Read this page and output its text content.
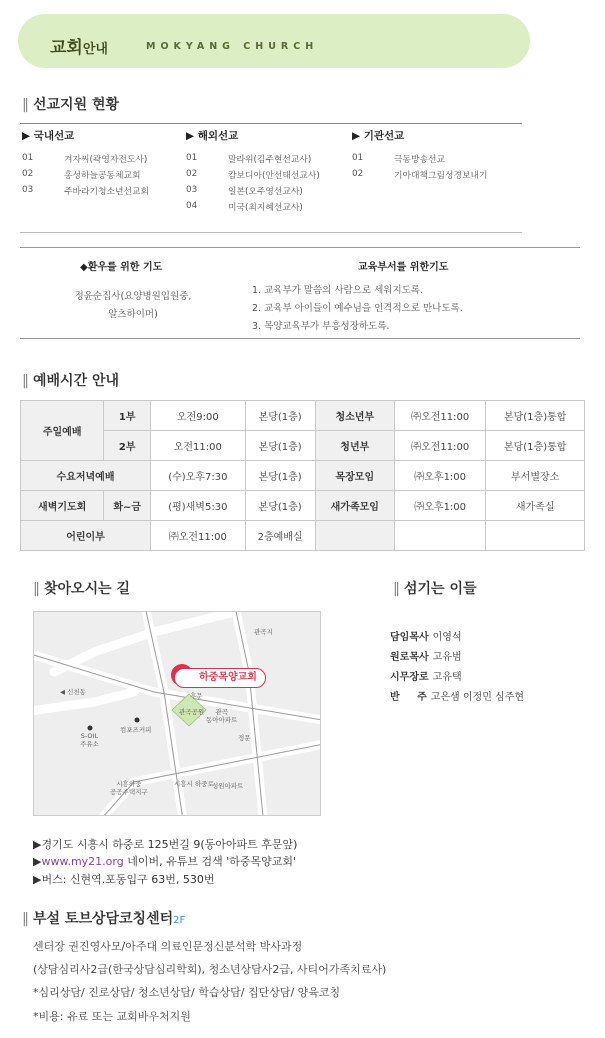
교회안내	MOKYANG CHURCH
‖ 선교지원 현황
▶ 국내선교
01	겨자씨(곽영자전도사)
02	홍성하늘공동체교회
03	주바라기청소년선교회
▶ 해외선교
01	말라위(김주현선교사)
02	캄보디아(안선태선교사)
03	일본(오주영선교사)
04	미국(최지혜선교사)
▶ 기관선교
01	극동방송선교
02	기아대책그림성경보내기
◆환우를 위한 기도	교육부서를 위한기도
정윤순집사(요양병원입원중,
알츠하이머)
1. 교육부가 말씀의 사람으로 세워지도록.
2. 교육부 아이들이 예수님을 인격적으로 만나도록.
3. 목양교육부가 부흥성장하도록.
‖ 예배시간 안내
주일예배	1부	오전9:00	본당(1층)	청소년부	㈜오전11:00	본당(1층)통합
	2부	오전11:00	본당(1층)	청년부	㈜오전11:00	본당(1층)통합
수요저녁예배		(수)오후7:30	본당(1층)	목장모임	㈜오후1:00	부서별장소
새벽기도회	화~금	(평)새벽5:30	본당(1층)	새가족모임	㈜오후1:00	새가족실
어린이부		㈜오전11:00	2층예배실			
‖ 찾아오시는 길
하중목양교회
관곡지
◀ 신천동	후문
관곡공원	관곡
동아아파트
정문
S-OIL
주유소
컴포즈커피
시흥시 하중로
시흥하중
공공주택지구
성원아파트
▶경기도 시흥시 하중로 125번길 9(동아아파트 후문앞)
▶www.my21.org 네이버, 유튜브 검색 '하중목양교회'
▶버스: 신현역.포동입구 63번, 530번
‖ 섬기는 이들
담임목사 이영석
원로목사 고유범
시무장로 고유택
반     주 고은샘 이정민 심주현
‖ 부설 토브상담코칭센터2F
센터장 권진영사모/아주대 의료인문정신분석학 박사과정
(상담심리사2급(한국상담심리학회), 청소년상담사2급, 사티어가족치료사)
*심리상담/ 진로상담/ 청소년상담/ 학습상담/ 집단상담/ 양육코칭
*비용: 유료 또는 교회바우처지원
